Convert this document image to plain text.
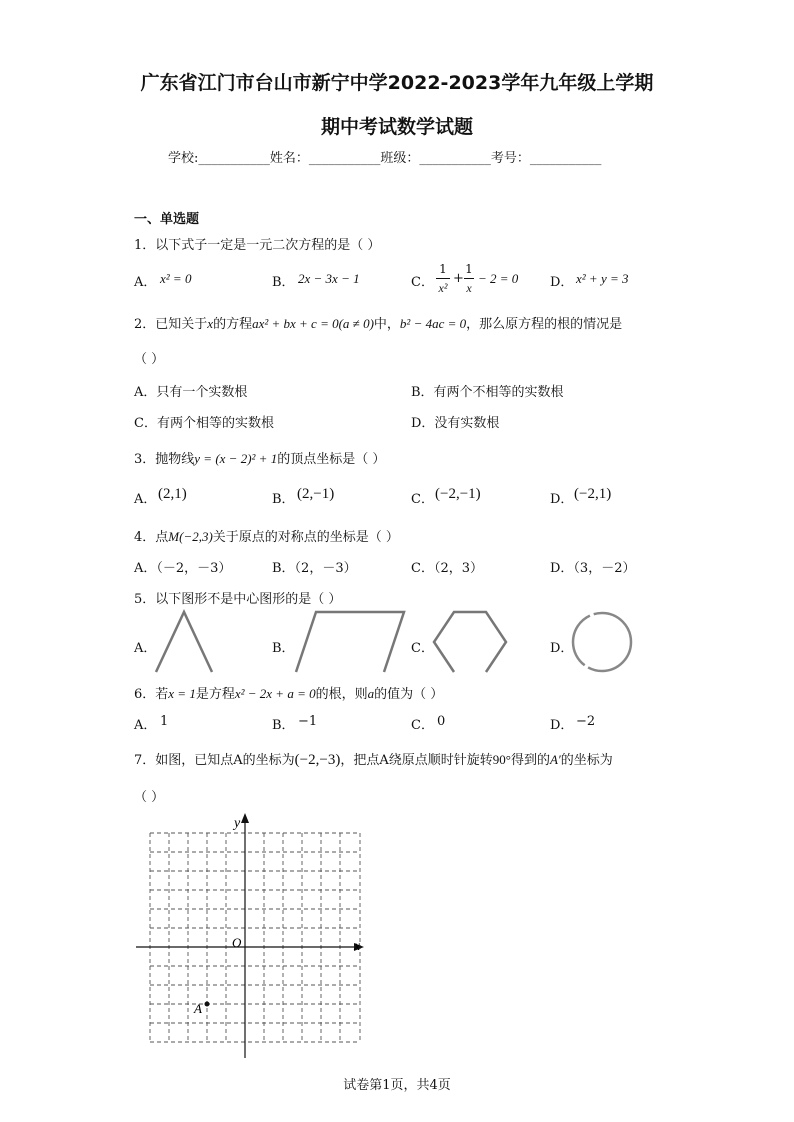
广东省江门市台山市新宁中学2022-2023学年九年级上学期
期中考试数学试题
学校:___________姓名：___________班级：___________考号：___________
一、单选题
1．以下式子一定是一元二次方程的是（ ）
A． x² = 0	B． 2x − 3x − 1	C．
1
x²
+
1
x
− 2 = 0 D． x² + y = 3
2．已知关于x的方程ax² + bx + c = 0(a ≠ 0)中，b² − 4ac = 0，那么原方程的根的情况是
（ ）
A．只有一个实数根	B．有两个不相等的实数根
C．有两个相等的实数根	D．没有实数根
3．抛物线y = (x − 2)² + 1的顶点坐标是（ ）
A． (2,1)	B． (2,−1)	C． (−2,−1)	D． (−2,1)
4．点M(−2,3)关于原点的对称点的坐标是（ ）
A．（－2，－3）	B．（2，－3）	C．（2，3）	D．（3，－2）
5．以下图形不是中心图形的是（ ）
A．	B．	C．	D．
6．若x = 1是方程x² − 2x + a = 0的根，则a的值为（ ）
A． 1	B． −1	C． 0	D． −2
7．如图，已知点A的坐标为(−2,−3)，把点A绕原点顺时针旋转90°得到的A′的坐标为
（ ）
y
x
O
A
试卷第1页，共4页
